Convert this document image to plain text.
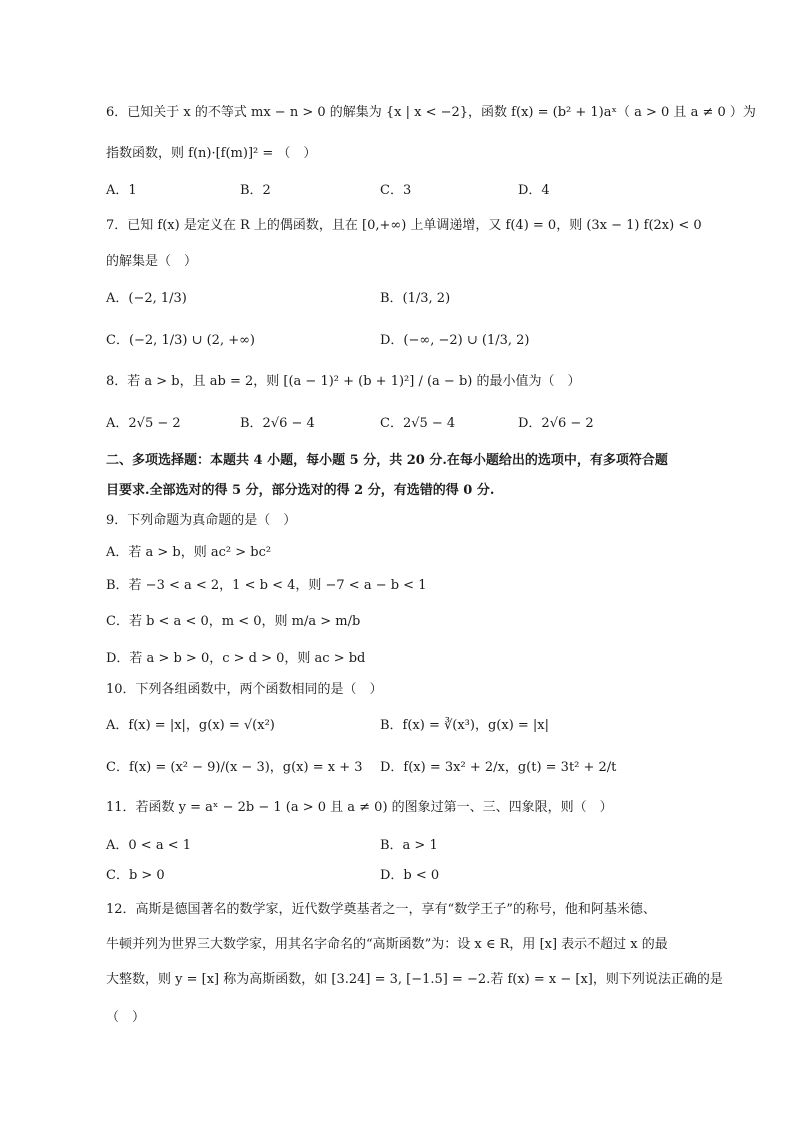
6．已知关于 x 的不等式 mx − n > 0 的解集为 {x | x < −2}，函数 f(x) = (b² + 1)aˣ（ a > 0 且 a ≠ 0 ）为
指数函数，则 f(n)·[f(m)]² = （　）
A．1	B．2	C．3	D．4
7．已知 f(x) 是定义在 R 上的偶函数，且在 [0,+∞) 上单调递增，又 f(4) = 0，则 (3x − 1) f(2x) < 0
的解集是（　）
A．(−2, 1/3)	B．(1/3, 2)
C．(−2, 1/3) ∪ (2, +∞)	D．(−∞, −2) ∪ (1/3, 2)
8．若 a > b，且 ab = 2，则 [(a − 1)² + (b + 1)²] / (a − b) 的最小值为（　）
A．2√5 − 2	B．2√6 − 4	C．2√5 − 4	D．2√6 − 2
二、多项选择题：本题共 4 小题，每小题 5 分，共 20 分.在每小题给出的选项中，有多项符合题
目要求.全部选对的得 5 分，部分选对的得 2 分，有选错的得 0 分.
9．下列命题为真命题的是（　）
A．若 a > b，则 ac² > bc²
B．若 −3 < a < 2，1 < b < 4，则 −7 < a − b < 1
C．若 b < a < 0，m < 0，则 m/a > m/b
D．若 a > b > 0，c > d > 0，则 ac > bd
10．下列各组函数中，两个函数相同的是（　）
A．f(x) = |x|，g(x) = √(x²)	B．f(x) = ∛(x³)，g(x) = |x|
C．f(x) = (x² − 9)/(x − 3)，g(x) = x + 3 D．f(x) = 3x² + 2/x，g(t) = 3t² + 2/t
11．若函数 y = aˣ − 2b − 1 (a > 0 且 a ≠ 0) 的图象过第一、三、四象限，则（　）
A．0 < a < 1	B．a > 1
C．b > 0	D．b < 0
12．高斯是德国著名的数学家，近代数学奠基者之一，享有“数学王子”的称号，他和阿基米德、
牛顿并列为世界三大数学家，用其名字命名的“高斯函数”为：设 x ∈ R，用 [x] 表示不超过 x 的最
大整数，则 y = [x] 称为高斯函数，如 [3.24] = 3, [−1.5] = −2.若 f(x) = x − [x]，则下列说法正确的是
（　）
